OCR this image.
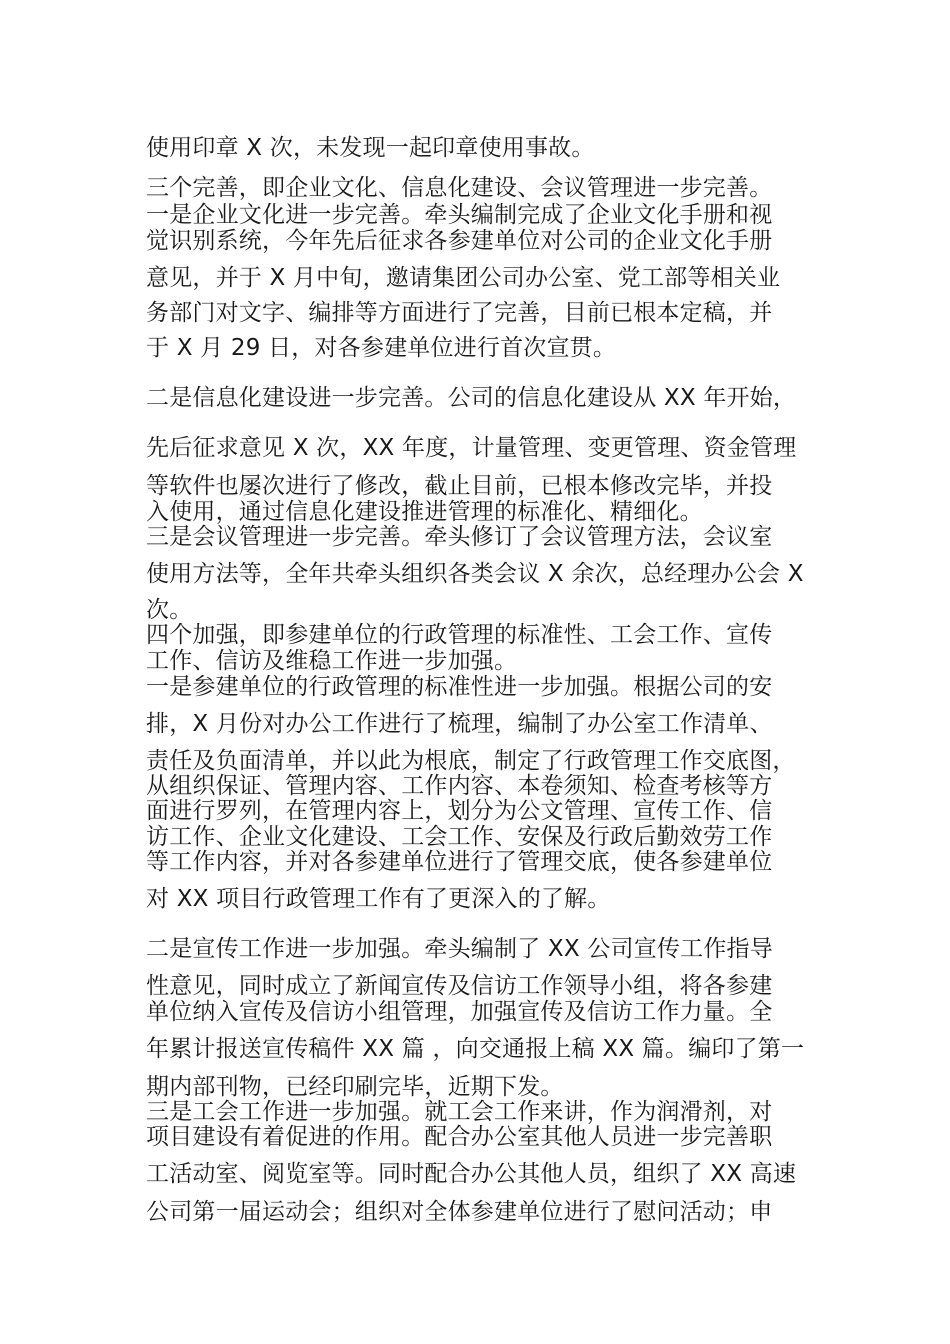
使用印章 X 次，未发现一起印章使用事故。

三个完善，即企业文化、信息化建设、会议管理进一步完善。

一是企业文化进一步完善。牵头编制完成了企业文化手册和视

觉识别系统，今年先后征求各参建单位对公司的企业文化手册

意见，并于 X 月中旬，邀请集团公司办公室、党工部等相关业

务部门对文字、编排等方面进行了完善，目前已根本定稿，并

于 X 月 29 日，对各参建单位进行首次宣贯。

二是信息化建设进一步完善。公司的信息化建设从 XX 年开始，

先后征求意见 X 次，XX 年度，计量管理、变更管理、资金管理

等软件也屡次进行了修改，截止目前，已根本修改完毕，并投

入使用，通过信息化建设推进管理的标准化、精细化。

三是会议管理进一步完善。牵头修订了会议管理方法，会议室

使用方法等，全年共牵头组织各类会议 X 余次，总经理办公会 X

次。

四个加强，即参建单位的行政管理的标准性、工会工作、宣传

工作、信访及维稳工作进一步加强。

一是参建单位的行政管理的标准性进一步加强。根据公司的安

排，X 月份对办公工作进行了梳理，编制了办公室工作清单、

责任及负面清单，并以此为根底，制定了行政管理工作交底图，

从组织保证、管理内容、工作内容、本卷须知、检查考核等方

面进行罗列，在管理内容上，划分为公文管理、宣传工作、信

访工作、企业文化建设、工会工作、安保及行政后勤效劳工作

等工作内容，并对各参建单位进行了管理交底，使各参建单位

对 XX 项目行政管理工作有了更深入的了解。

二是宣传工作进一步加强。牵头编制了 XX 公司宣传工作指导

性意见，同时成立了新闻宣传及信访工作领导小组，将各参建

单位纳入宣传及信访小组管理，加强宣传及信访工作力量。全

年累计报送宣传稿件 XX 篇 ，向交通报上稿 XX 篇。编印了第一

期内部刊物，已经印刷完毕，近期下发。

三是工会工作进一步加强。就工会工作来讲，作为润滑剂，对

项目建设有着促进的作用。配合办公室其他人员进一步完善职

工活动室、阅览室等。同时配合办公其他人员，组织了 XX 高速

公司第一届运动会；组织对全体参建单位进行了慰问活动；申
